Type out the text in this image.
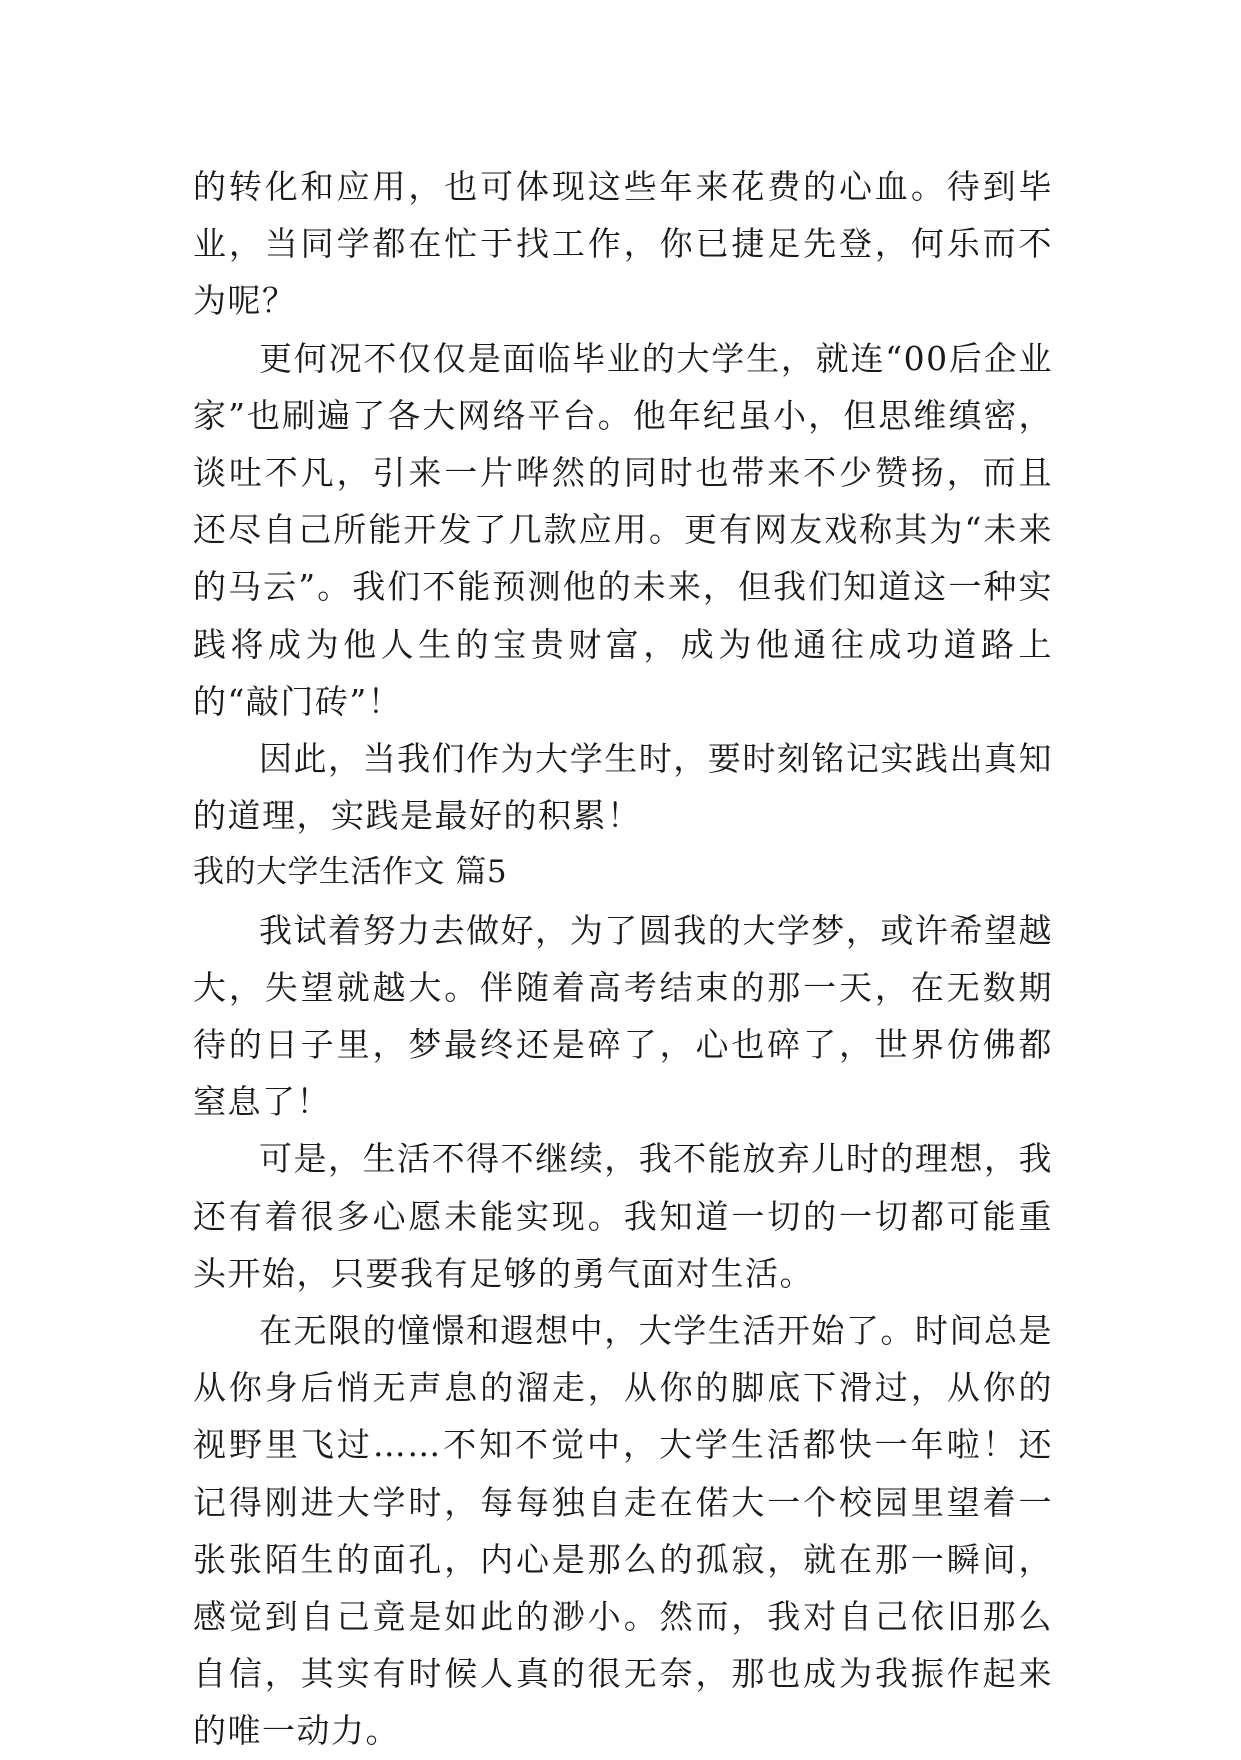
的转化和应用，也可体现这些年来花费的心血。待到毕业，当同学都在忙于找工作，你已捷足先登，何乐而不为呢？

更何况不仅仅是面临毕业的大学生，就连“00后企业家”也刷遍了各大网络平台。他年纪虽小，但思维缜密，谈吐不凡，引来一片哗然的同时也带来不少赞扬，而且还尽自己所能开发了几款应用。更有网友戏称其为“未来的马云”。我们不能预测他的未来，但我们知道这一种实践将成为他人生的宝贵财富，成为他通往成功道路上的“敲门砖”！

因此，当我们作为大学生时，要时刻铭记实践出真知的道理，实践是最好的积累！

我的大学生活作文 篇5

我试着努力去做好，为了圆我的大学梦，或许希望越大，失望就越大。伴随着高考结束的那一天，在无数期待的日子里，梦最终还是碎了，心也碎了，世界仿佛都窒息了！

可是，生活不得不继续，我不能放弃儿时的理想，我还有着很多心愿未能实现。我知道一切的一切都可能重头开始，只要我有足够的勇气面对生活。

在无限的憧憬和遐想中，大学生活开始了。时间总是从你身后悄无声息的溜走，从你的脚底下滑过，从你的视野里飞过……不知不觉中，大学生活都快一年啦！还记得刚进大学时，每每独自走在偌大一个校园里望着一张张陌生的面孔，内心是那么的孤寂，就在那一瞬间，感觉到自己竟是如此的渺小。然而，我对自己依旧那么自信，其实有时候人真的很无奈，那也成为我振作起来的唯一动力。
